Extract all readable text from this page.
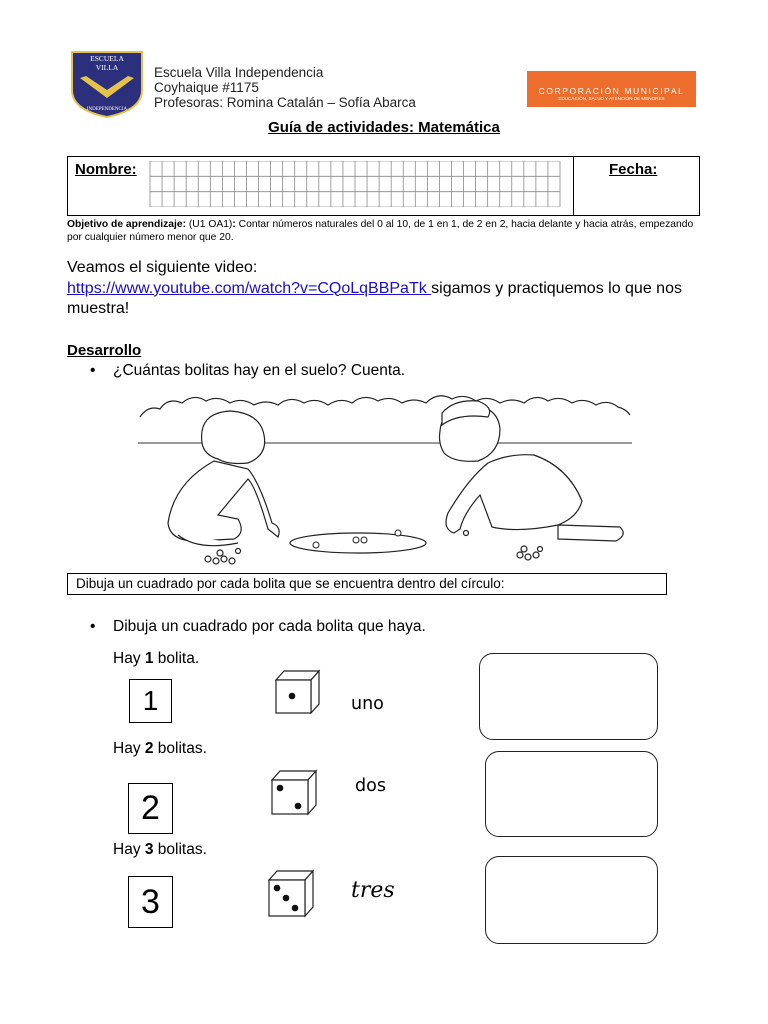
ESCUELA
VILLA
INDEPENDENCIA
Escuela Villa Independencia
Coyhaique #1175
Profesoras: Romina Catalán – Sofía Abarca
CORPORACIÓN MUNICIPAL
EDUCACIÓN, SALUD Y ATENCIÓN DE MENORES
Guía de actividades: Matemática
Nombre:	Fecha:
Objetivo de aprendizaje: (U1 OA1): Contar números naturales del 0 al 10, de 1 en 1, de 2 en 2, hacia delante y hacia atrás, empezando por cualquier número menor que 20.
Veamos el siguiente video:
https://www.youtube.com/watch?v=CQoLqBBPaTk sigamos y practiquemos lo que nos muestra!
Desarrollo
• ¿Cuántas bolitas hay en el suelo? Cuenta.
Dibuja un cuadrado por cada bolita que se encuentra dentro del círculo:
• Dibuja un cuadrado por cada bolita que haya.
Hay 1 bolita.
1	uno
Hay 2 bolitas.
2
dos
Hay 3 bolitas.
3	tres
